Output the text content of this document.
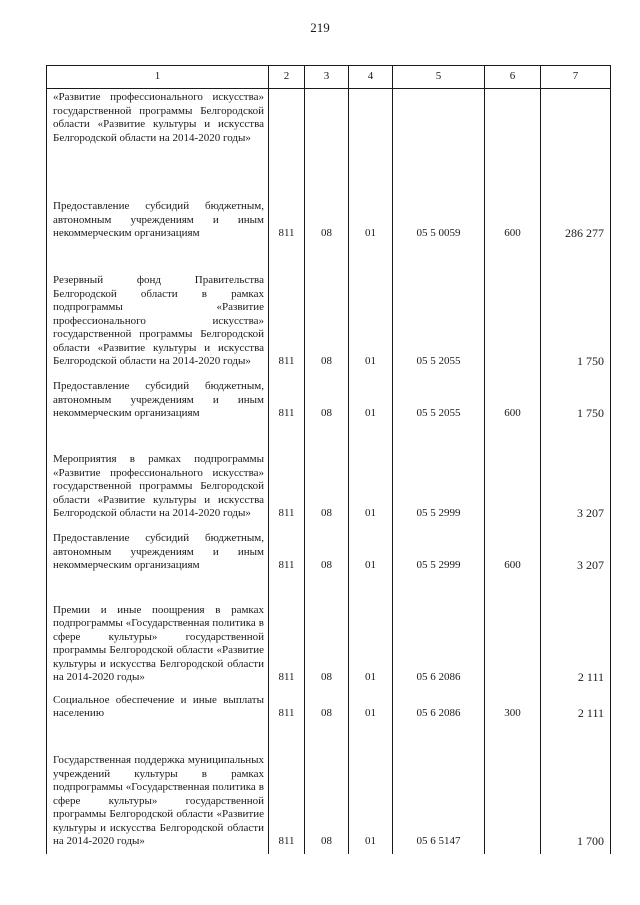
219
1	2	3	4	5	6	7
«Развитие профессионального искусства» государственной программы Белгородской области «Развитие культуры и искусства Белгородской области на 2014-2020 годы»						
Предоставление субсидий бюджетным, автономным учреждениям и иным некоммерческим организациям	811	08	01	05 5 0059	600	286 277
Резервный фонд Правительства Белгородской области в рамках подпрограммы «Развитие профессионального искусства» государственной программы Белгородской области «Развитие культуры и искусства Белгородской области на 2014-2020 годы»	811	08	01	05 5 2055		1 750
Предоставление субсидий бюджетным, автономным учреждениям и иным некоммерческим организациям	811	08	01	05 5 2055	600	1 750
Мероприятия в рамках подпрограммы «Развитие профессионального искусства» государственной программы Белгородской области «Развитие культуры и искусства Белгородской области на 2014-2020 годы»	811	08	01	05 5 2999		3 207
Предоставление субсидий бюджетным, автономным учреждениям и иным некоммерческим организациям	811	08	01	05 5 2999	600	3 207
Премии и иные поощрения в рамках подпрограммы «Государственная политика в сфере культуры» государственной программы Белгородской области «Развитие культуры и искусства Белгородской области на 2014-2020 годы»	811	08	01	05 6 2086		2 111
Социальное обеспечение и иные выплаты населению	811	08	01	05 6 2086	300	2 111
Государственная поддержка муниципальных учреждений культуры в рамках подпрограммы «Государственная политика в сфере культуры» государственной программы Белгородской области «Развитие культуры и искусства Белгородской области на 2014-2020 годы»	811	08	01	05 6 5147		1 700
